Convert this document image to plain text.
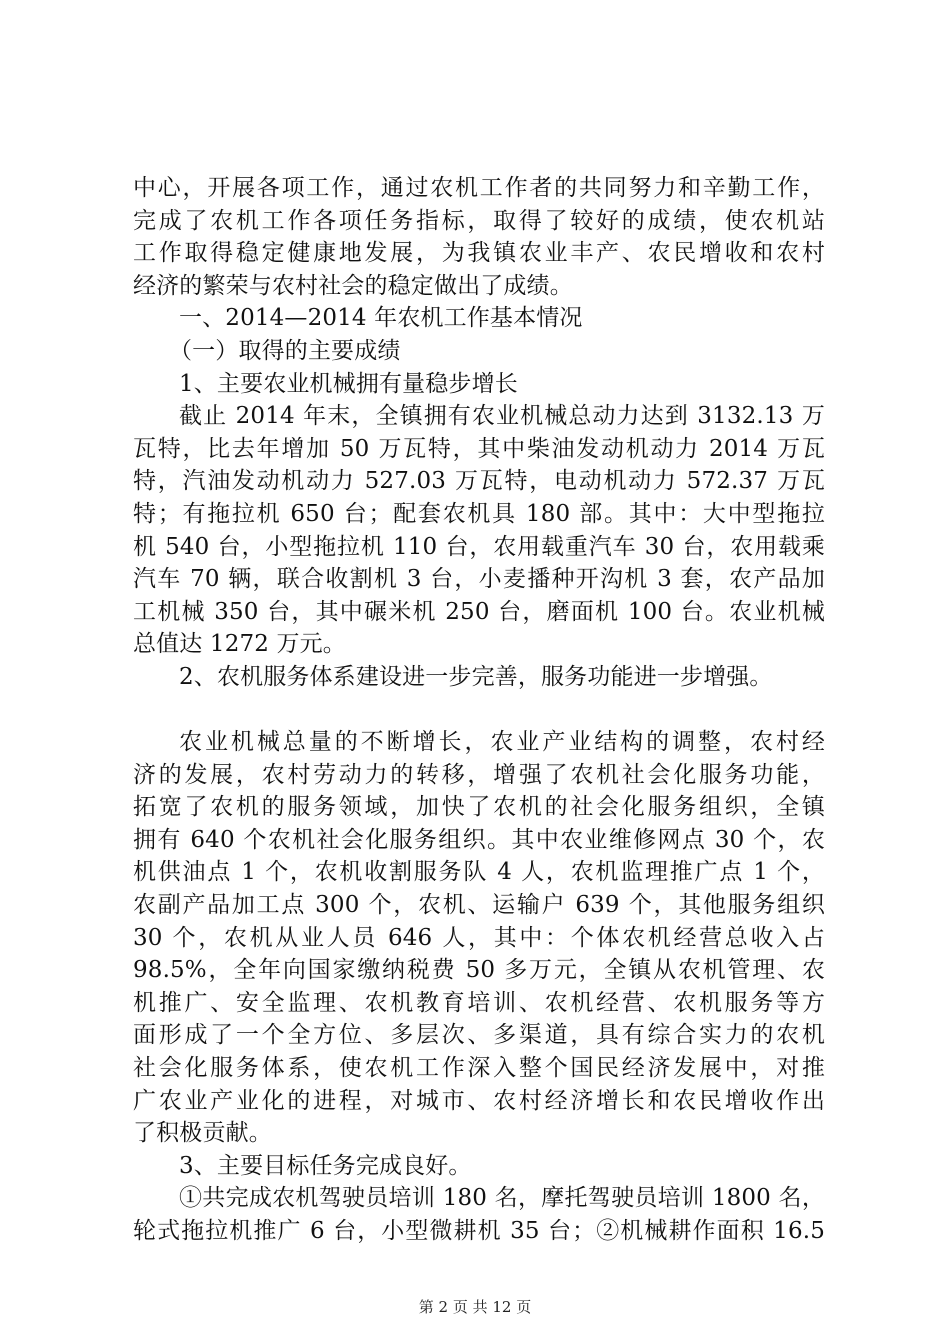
中心，开展各项工作，通过农机工作者的共同努力和辛勤工作，
完成了农机工作各项任务指标，取得了较好的成绩，使农机站
工作取得稳定健康地发展，为我镇农业丰产、农民增收和农村
经济的繁荣与农村社会的稳定做出了成绩。
一、2014—2014 年农机工作基本情况
（一）取得的主要成绩
1、主要农业机械拥有量稳步增长
截止 2014 年末，全镇拥有农业机械总动力达到 3132.13 万
瓦特，比去年增加 50 万瓦特，其中柴油发动机动力 2014 万瓦
特，汽油发动机动力 527.03 万瓦特，电动机动力 572.37 万瓦
特；有拖拉机 650 台；配套农机具 180 部。其中：大中型拖拉
机 540 台，小型拖拉机 110 台，农用载重汽车 30 台，农用载乘
汽车 70 辆，联合收割机 3 台，小麦播种开沟机 3 套，农产品加
工机械 350 台，其中碾米机 250 台，磨面机 100 台。农业机械
总值达 1272 万元。
2、农机服务体系建设进一步完善，服务功能进一步增强。
农业机械总量的不断增长，农业产业结构的调整，农村经
济的发展，农村劳动力的转移，增强了农机社会化服务功能，
拓宽了农机的服务领域，加快了农机的社会化服务组织，全镇
拥有 640 个农机社会化服务组织。其中农业维修网点 30 个，农
机供油点 1 个，农机收割服务队 4 人，农机监理推广点 1 个，
农副产品加工点 300 个，农机、运输户 639 个，其他服务组织
30 个，农机从业人员 646 人，其中：个体农机经营总收入占
98.5%，全年向国家缴纳税费 50 多万元，全镇从农机管理、农
机推广、安全监理、农机教育培训、农机经营、农机服务等方
面形成了一个全方位、多层次、多渠道，具有综合实力的农机
社会化服务体系，使农机工作深入整个国民经济发展中，对推
广农业产业化的进程，对城市、农村经济增长和农民增收作出
了积极贡献。
3、主要目标任务完成良好。
①共完成农机驾驶员培训 180 名，摩托驾驶员培训 1800 名，
轮式拖拉机推广 6 台，小型微耕机 35 台；②机械耕作面积 16.5
第 2 页 共 12 页
